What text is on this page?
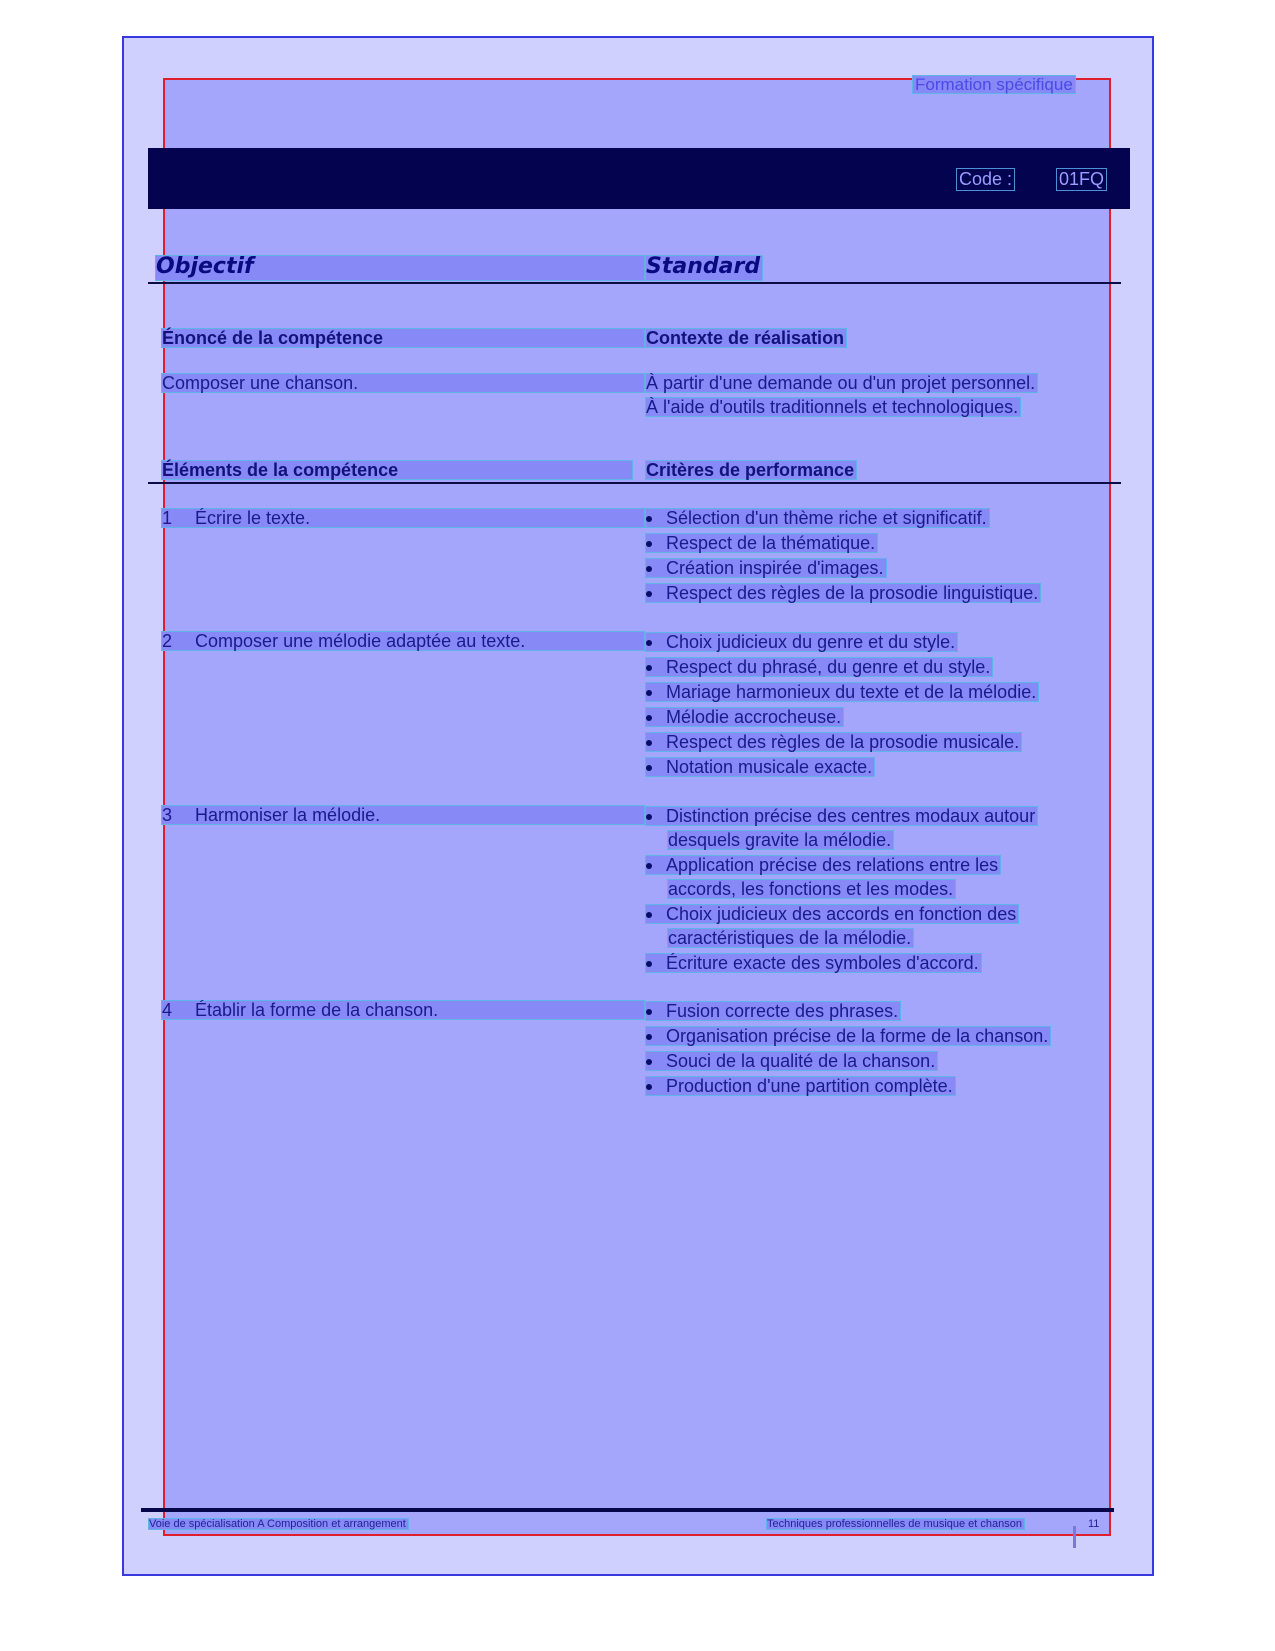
Formation spécifique
Code :	01FQ
Objectif	Standard
Énoncé de la compétence	Contexte de réalisation
Composer une chanson.	À partir d'une demande ou d'un projet personnel.
À l'aide d'outils traditionnels et technologiques.
Éléments de la compétence	Critères de performance
1 Écrire le texte.	Sélection d'un thème riche et significatif.
Respect de la thématique.
Création inspirée d'images.
Respect des règles de la prosodie linguistique.
2 Composer une mélodie adaptée au texte.	Choix judicieux du genre et du style.
Respect du phrasé, du genre et du style.
Mariage harmonieux du texte et de la mélodie.
Mélodie accrocheuse.
Respect des règles de la prosodie musicale.
Notation musicale exacte.
3 Harmoniser la mélodie.	Distinction précise des centres modaux autour
desquels gravite la mélodie.
Application précise des relations entre les
accords, les fonctions et les modes.
Choix judicieux des accords en fonction des
caractéristiques de la mélodie.
Écriture exacte des symboles d'accord.
4 Établir la forme de la chanson.	Fusion correcte des phrases.
Organisation précise de la forme de la chanson.
Souci de la qualité de la chanson.
Production d'une partition complète.
Voie de spécialisation A Composition et arrangement	Techniques professionnelles de musique et chanson	11
